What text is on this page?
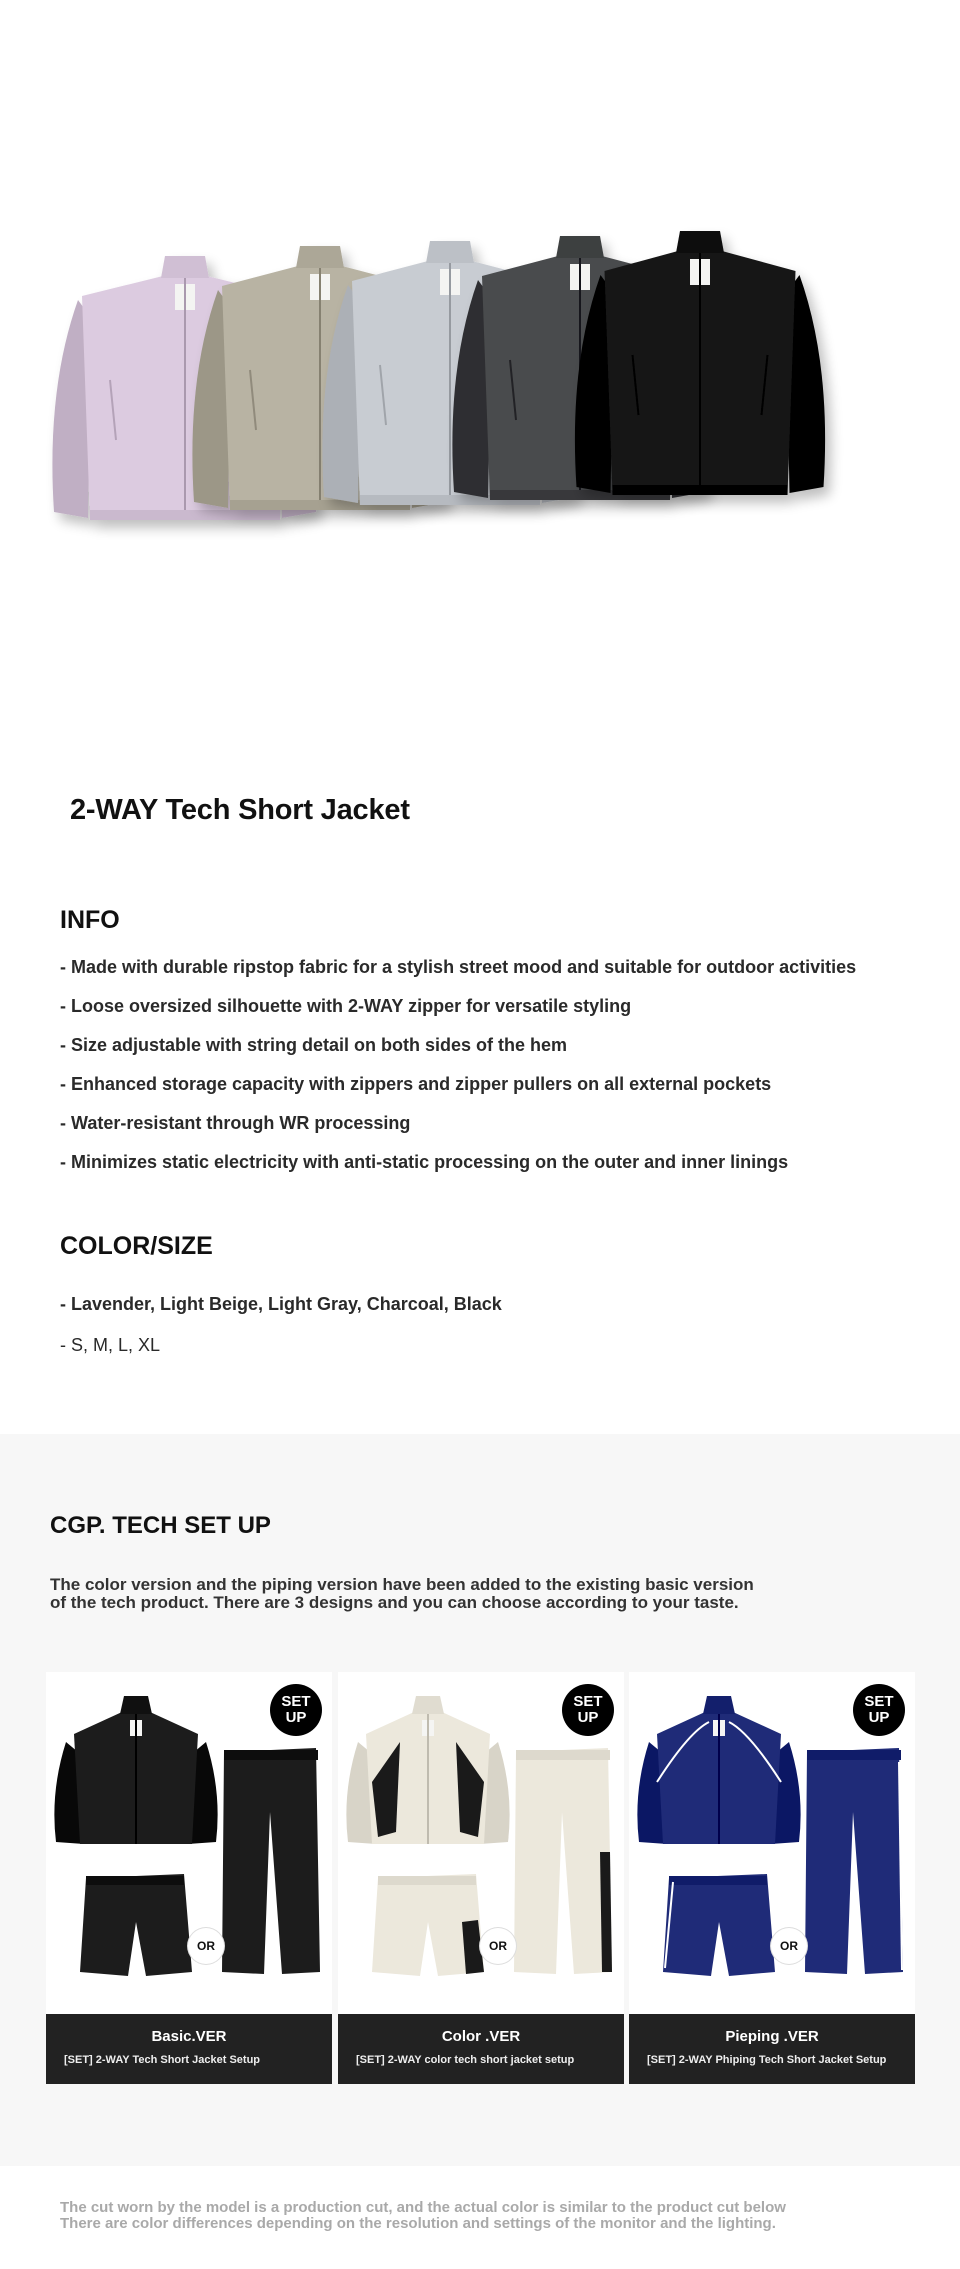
2-WAY Tech Short Jacket
INFO
- Made with durable ripstop fabric for a stylish street mood and suitable for outdoor activities
- Loose oversized silhouette with 2-WAY zipper for versatile styling
- Size adjustable with string detail on both sides of the hem
- Enhanced storage capacity with zippers and zipper pullers on all external pockets
- Water-resistant through WR processing
- Minimizes static electricity with anti-static processing on the outer and inner linings
COLOR/SIZE
- Lavender, Light Beige, Light Gray, Charcoal, Black
- S, M, L, XL
CGP. TECH SET UP

The color version and the piping version have been added to the existing basic version
of the tech product. There are 3 designs and you can choose according to your taste.

SET
UP
OR
Basic.VER
[SET] 2-WAY Tech Short Jacket Setup
SET
UP
OR
Color .VER
[SET] 2-WAY color tech short jacket setup
SET
UP
OR
Pieping .VER
[SET] 2-WAY Phiping Tech Short Jacket Setup

The cut worn by the model is a production cut, and the actual color is similar to the product cut below
There are color differences depending on the resolution and settings of the monitor and the lighting.
